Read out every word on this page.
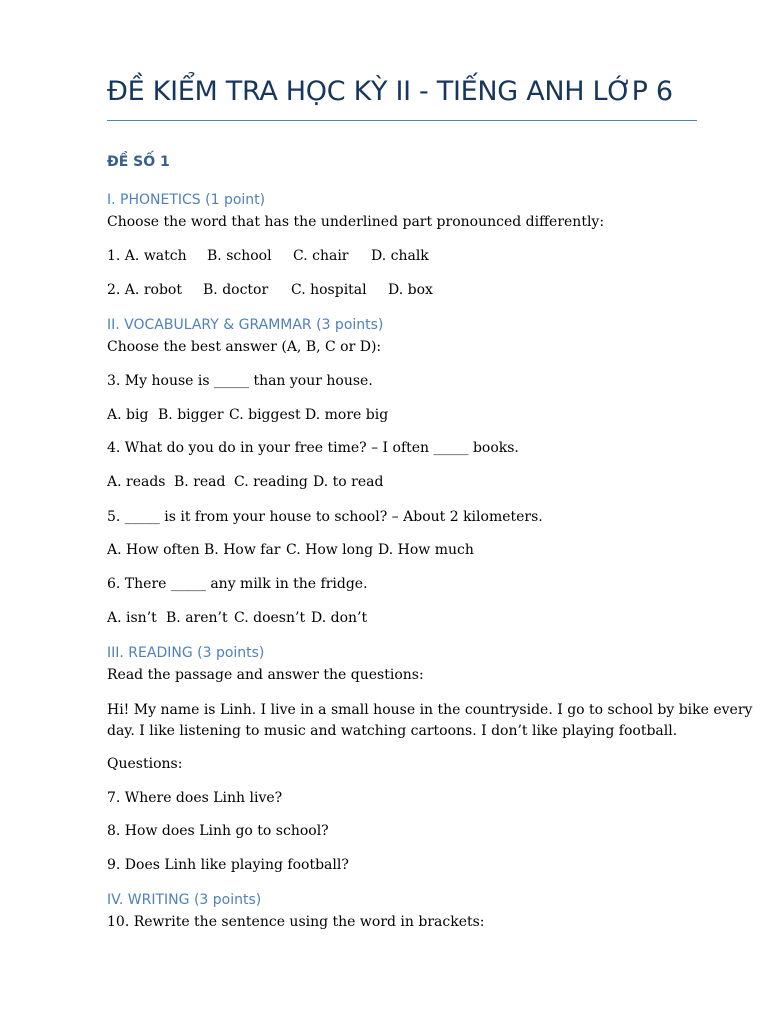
ĐỀ KIỂM TRA HỌC KỲ II - TIẾNG ANH LỚP 6
ĐỀ SỐ 1
I. PHONETICS (1 point)
Choose the word that has the underlined part pronounced differently:
1. A. watch B. school C. chair D. chalk
2. A. robot B. doctor C. hospital D. box
II. VOCABULARY & GRAMMAR (3 points)
Choose the best answer (A, B, C or D):
3. My house is _____ than your house.
A. big B. bigger C. biggest D. more big
4. What do you do in your free time? – I often _____ books.
A. reads B. read C. reading D. to read
5. _____ is it from your house to school? – About 2 kilometers.
A. How often B. How far C. How long D. How much
6. There _____ any milk in the fridge.
A. isn’t B. aren’t C. doesn’t D. don’t
III. READING (3 points)
Read the passage and answer the questions:
Hi! My name is Linh. I live in a small house in the countryside. I go to school by bike every
day. I like listening to music and watching cartoons. I don’t like playing football.
Questions:
7. Where does Linh live?
8. How does Linh go to school?
9. Does Linh like playing football?
IV. WRITING (3 points)
10. Rewrite the sentence using the word in brackets:
